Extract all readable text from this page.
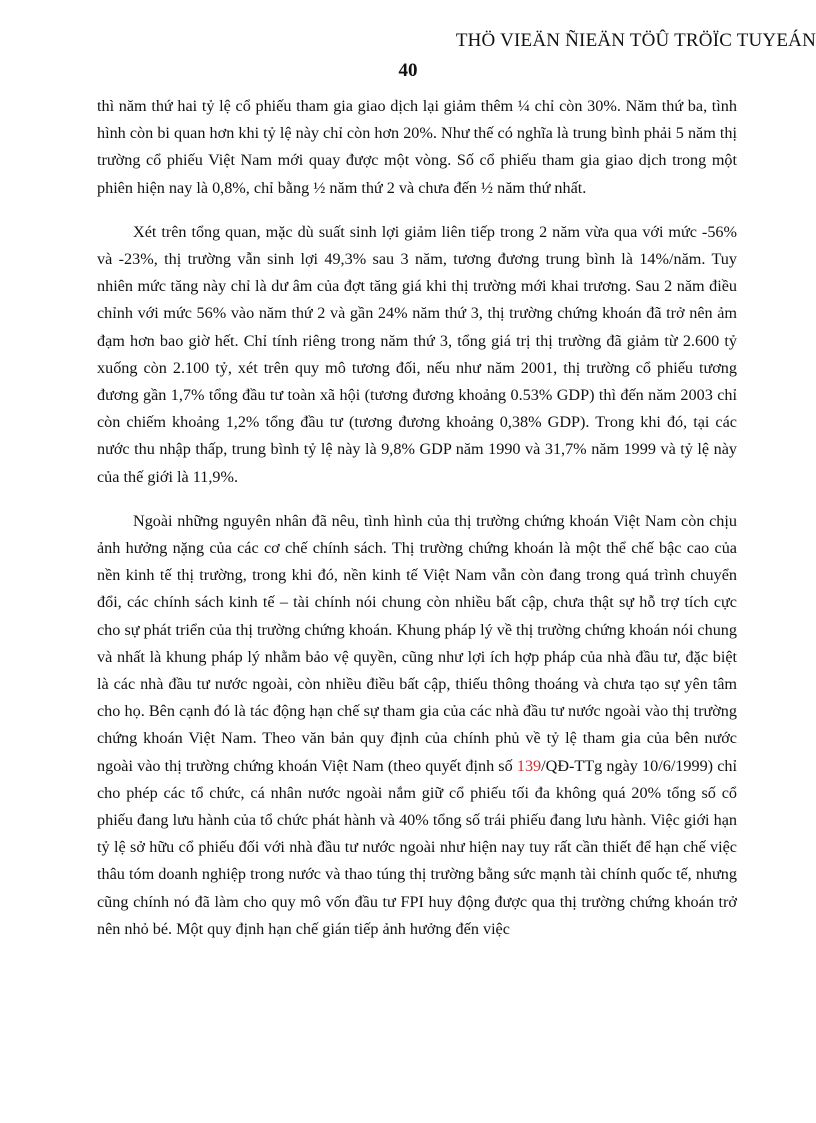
THÖ VIEÄN ÑIEÄN TÖÛ TRÖÏC TUYEÁN
40

thì năm thứ hai tỷ lệ cổ phiếu tham gia giao dịch lại giảm thêm ¼ chỉ còn 30%. Năm thứ ba, tình hình còn bi quan hơn khi tỷ lệ này chỉ còn hơn 20%. Như thế có nghĩa là trung bình phải 5 năm thị trường cổ phiếu Việt Nam mới quay được một vòng. Số cổ phiếu tham gia giao dịch trong một phiên hiện nay là 0,8%, chỉ bằng ½ năm thứ 2 và chưa đến ½ năm thứ nhất.

Xét trên tổng quan, mặc dù suất sinh lợi giảm liên tiếp trong 2 năm vừa qua với mức -56% và -23%, thị trường vẫn sinh lợi 49,3% sau 3 năm, tương đương trung bình là 14%/năm. Tuy nhiên mức tăng này chỉ là dư âm của đợt tăng giá khi thị trường mới khai trương. Sau 2 năm điều chỉnh với mức 56% vào năm thứ 2 và gần 24% năm thứ 3, thị trường chứng khoán đã trở nên ảm đạm hơn bao giờ hết. Chỉ tính riêng trong năm thứ 3, tổng giá trị thị trường đã giảm từ 2.600 tỷ xuống còn 2.100 tỷ, xét trên quy mô tương đối, nếu như năm 2001, thị trường cổ phiếu tương đương gần 1,7% tổng đầu tư toàn xã hội (tương đương khoảng 0.53% GDP) thì đến năm 2003 chỉ còn chiếm khoảng 1,2% tổng đầu tư (tương đương khoảng 0,38% GDP). Trong khi đó, tại các nước thu nhập thấp, trung bình tỷ lệ này là 9,8% GDP năm 1990 và 31,7% năm 1999 và tỷ lệ này của thế giới là 11,9%.

Ngoài những nguyên nhân đã nêu, tình hình của thị trường chứng khoán Việt Nam còn chịu ảnh hưởng nặng của các cơ chế chính sách. Thị trường chứng khoán là một thể chế bậc cao của nền kinh tế thị trường, trong khi đó, nền kinh tế Việt Nam vẫn còn đang trong quá trình chuyển đổi, các chính sách kinh tế – tài chính nói chung còn nhiều bất cập, chưa thật sự hỗ trợ tích cực cho sự phát triển của thị trường chứng khoán. Khung pháp lý về thị trường chứng khoán nói chung và nhất là khung pháp lý nhằm bảo vệ quyền, cũng như lợi ích hợp pháp của nhà đầu tư, đặc biệt là các nhà đầu tư nước ngoài, còn nhiều điều bất cập, thiếu thông thoáng và chưa tạo sự yên tâm cho họ. Bên cạnh đó là tác động hạn chế sự tham gia của các nhà đầu tư nước ngoài vào thị trường chứng khoán Việt Nam. Theo văn bản quy định của chính phủ về tỷ lệ tham gia của bên nước ngoài vào thị trường chứng khoán Việt Nam (theo quyết định số 139/QĐ-TTg ngày 10/6/1999) chỉ cho phép các tổ chức, cá nhân nước ngoài nắm giữ cổ phiếu tối đa không quá 20% tổng số cổ phiếu đang lưu hành của tổ chức phát hành và 40% tổng số trái phiếu đang lưu hành. Việc giới hạn tỷ lệ sở hữu cổ phiếu đối với nhà đầu tư nước ngoài như hiện nay tuy rất cần thiết để hạn chế việc thâu tóm doanh nghiệp trong nước và thao túng thị trường bằng sức mạnh tài chính quốc tế, nhưng cũng chính nó đã làm cho quy mô vốn đầu tư FPI huy động được qua thị trường chứng khoán trở nên nhỏ bé. Một quy định hạn chế gián tiếp ảnh hưởng đến việc
